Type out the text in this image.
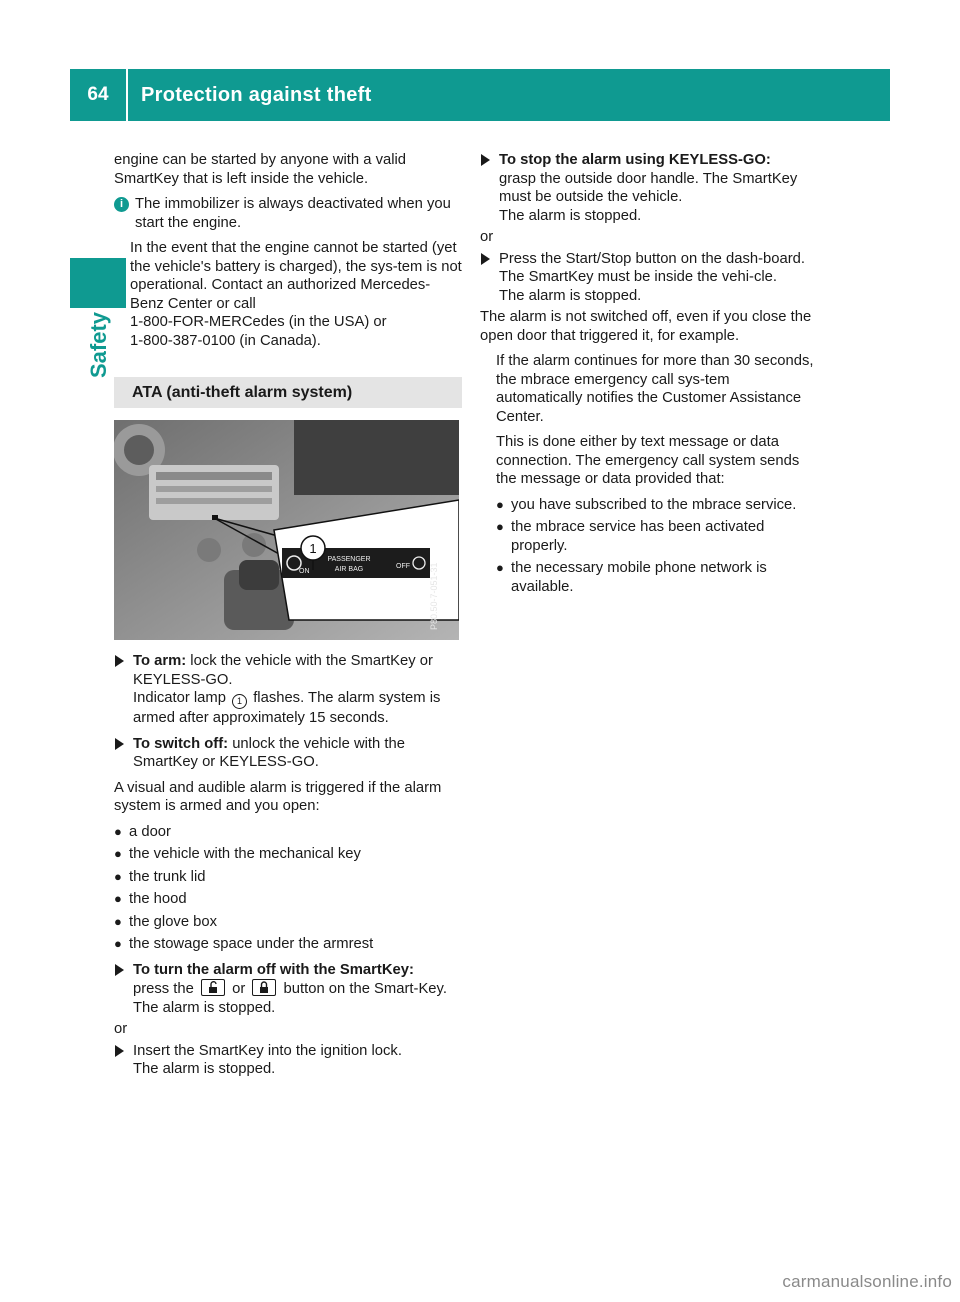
64	Protection against theft
Safety

engine can be started by anyone with a valid SmartKey that is left inside the vehicle.

i The immobilizer is always deactivated when you start the engine.

In the event that the engine cannot be started (yet the vehicle's battery is charged), the sys-tem is not operational. Contact an authorized Mercedes-Benz Center or call

1-800-FOR-MERCedes (in the USA) or

1-800-387-0100 (in Canada).

ATA (anti-theft alarm system)
1
ON
PASSENGER
AIR BAG	OFF	P80.50-7-051-31
To arm: lock the vehicle with the SmartKey or KEYLESS-GO.
Indicator lamp 1 flashes. The alarm system is armed after approximately 15 seconds.
To switch off: unlock the vehicle with the SmartKey or KEYLESS-GO.

A visual and audible alarm is triggered if the alarm system is armed and you open:

● a door
● the vehicle with the mechanical key
● the trunk lid
● the hood
● the glove box
● the stowage space under the armrest
To turn the alarm off with the SmartKey:
press the	or	button on the Smart-Key.
The alarm is stopped.

or

Insert the SmartKey into the ignition lock.
The alarm is stopped.
To stop the alarm using KEYLESS-GO:
grasp the outside door handle. The SmartKey must be outside the vehicle.
The alarm is stopped.

or

Press the Start/Stop button on the dash-board. The SmartKey must be inside the vehi-cle.
The alarm is stopped.

The alarm is not switched off, even if you close the open door that triggered it, for example.

If the alarm continues for more than 30 seconds, the mbrace emergency call sys-tem automatically notifies the Customer Assistance Center.

This is done either by text message or data connection. The emergency call system sends the message or data provided that:

● you have subscribed to the mbrace service.
● the mbrace service has been activated properly.
● the necessary mobile phone network is available.
carmanualsonline.info
